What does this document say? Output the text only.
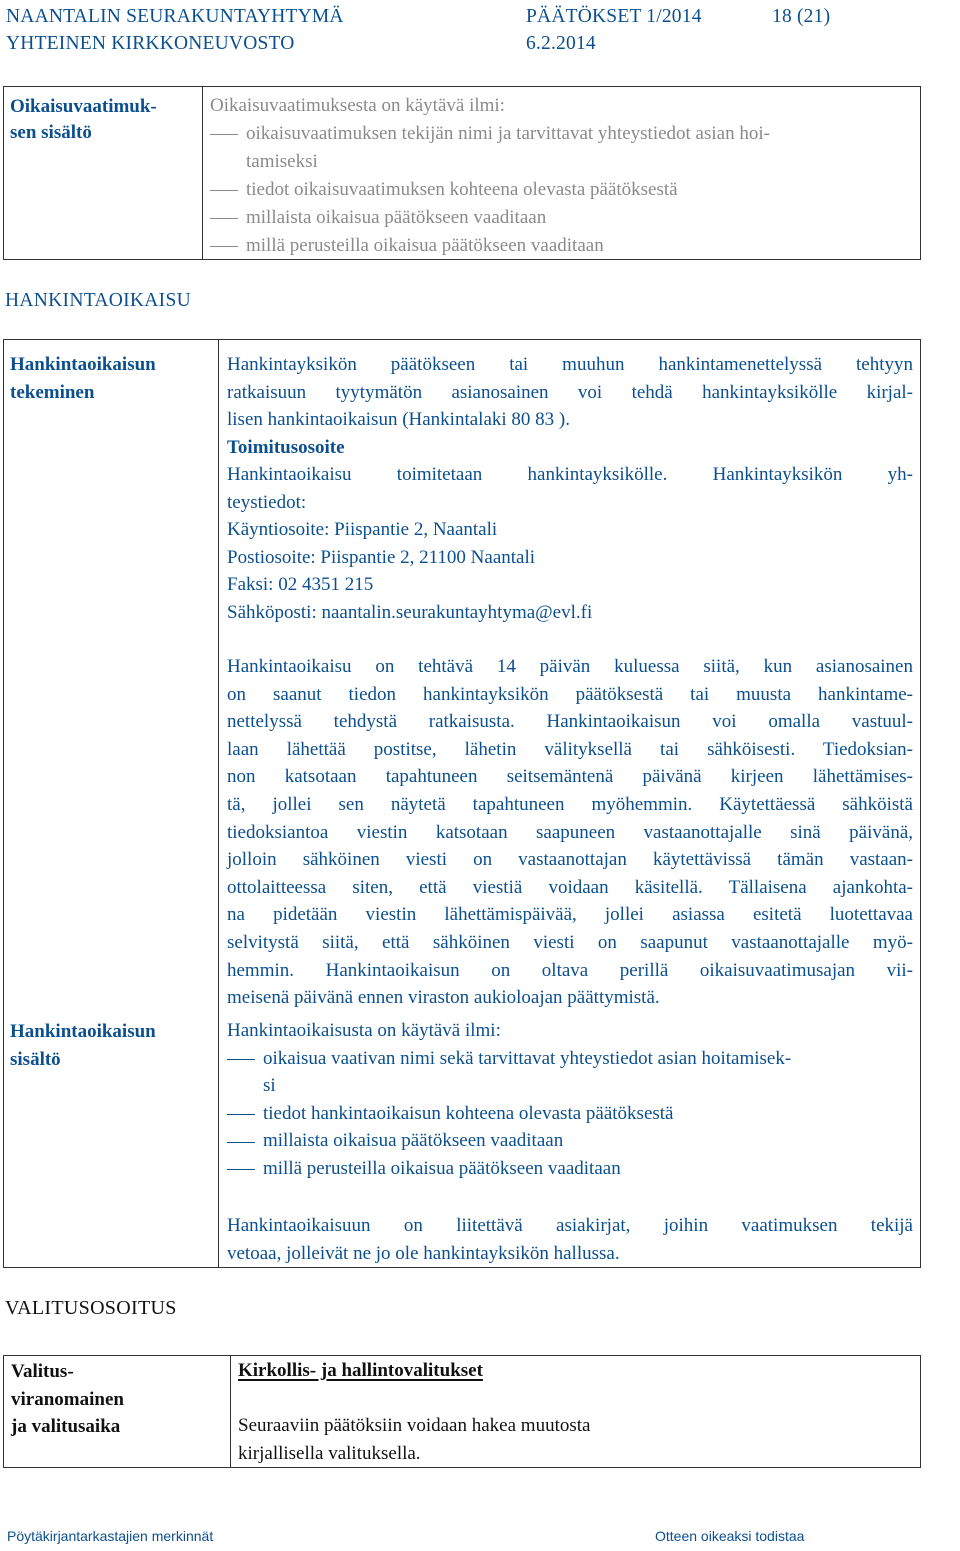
NAANTALIN SEURAKUNTAYHTYMÄ
YHTEINEN KIRKKONEUVOSTO
PÄÄTÖKSET 1/2014
6.2.2014
18 (21)
Oikaisuvaatimuk-
sen sisältö
Oikaisuvaatimuksesta on käytävä ilmi:
oikaisuvaatimuksen tekijän nimi ja tarvittavat yhteystiedot asian hoi-
tamiseksi
tiedot oikaisuvaatimuksen kohteena olevasta päätöksestä
millaista oikaisua päätökseen vaaditaan
millä perusteilla oikaisua päätökseen vaaditaan
HANKINTAOIKAISU
Hankintaoikaisun
tekeminen
Hankintayksikön päätökseen tai muuhun hankintamenettelyssä tehtyyn
ratkaisuun tyytymätön asianosainen voi tehdä hankintayksikölle kirjal-
lisen hankintaoikaisun (Hankintalaki 80 83 ).
Toimitusosoite
Hankintaoikaisu toimitetaan hankintayksikölle. Hankintayksikön yh-
teystiedot:
Käyntiosoite: Piispantie 2, Naantali
Postiosoite: Piispantie 2, 21100 Naantali
Faksi: 02 4351 215
Sähköposti: naantalin.seurakuntayhtyma@evl.fi
Hankintaoikaisu on tehtävä 14 päivän kuluessa siitä, kun asianosainen
on saanut tiedon hankintayksikön päätöksestä tai muusta hankintame-
nettelyssä tehdystä ratkaisusta. Hankintaoikaisun voi omalla vastuul-
laan lähettää postitse, lähetin välityksellä tai sähköisesti. Tiedoksian-
non katsotaan tapahtuneen seitsemäntenä päivänä kirjeen lähettämises-
tä, jollei sen näytetä tapahtuneen myöhemmin. Käytettäessä sähköistä
tiedoksiantoa viestin katsotaan saapuneen vastaanottajalle sinä päivänä,
jolloin sähköinen viesti on vastaanottajan käytettävissä tämän vastaan-
ottolaitteessa siten, että viestiä voidaan käsitellä. Tällaisena ajankohta-
na pidetään viestin lähettämispäivää, jollei asiassa esitetä luotettavaa
selvitystä siitä, että sähköinen viesti on saapunut vastaanottajalle myö-
hemmin. Hankintaoikaisun on oltava perillä oikaisuvaatimusajan vii-
meisenä päivänä ennen viraston aukioloajan päättymistä.
Hankintaoikaisun
sisältö
Hankintaoikaisusta on käytävä ilmi:
oikaisua vaativan nimi sekä tarvittavat yhteystiedot asian hoitamisek-
si
tiedot hankintaoikaisun kohteena olevasta päätöksestä
millaista oikaisua päätökseen vaaditaan
millä perusteilla oikaisua päätökseen vaaditaan
Hankintaoikaisuun on liitettävä asiakirjat, joihin vaatimuksen tekijä
vetoaa, jolleivät ne jo ole hankintayksikön hallussa.
VALITUSOSOITUS
Valitus-
viranomainen
ja valitusaika
Kirkollis- ja hallintovalitukset
Seuraaviin päätöksiin voidaan hakea muutosta
kirjallisella valituksella.
Pöytäkirjantarkastajien merkinnät	Otteen oikeaksi todistaa
